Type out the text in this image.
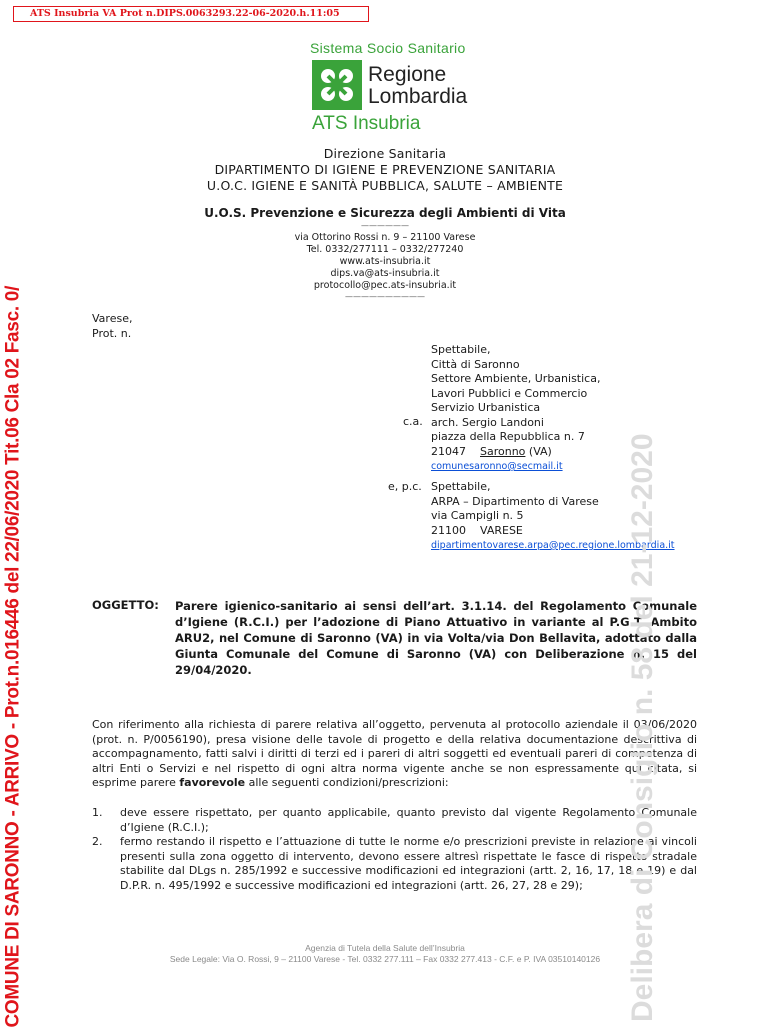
ATS Insubria VA Prot n.DIPS.0063293.22-06-2020.h.11:05
Sistema Socio Sanitario
Regione
Lombardia
ATS Insubria
Direzione Sanitaria
DIPARTIMENTO DI IGIENE E PREVENZIONE SANITARIA
U.O.C. IGIENE E SANITÀ PUBBLICA, SALUTE – AMBIENTE
U.O.S. Prevenzione e Sicurezza degli Ambienti di Vita
——————
via Ottorino Rossi n. 9 – 21100 Varese
Tel. 0332/277111 – 0332/277240
www.ats-insubria.it
dips.va@ats-insubria.it
protocollo@pec.ats-insubria.it
——————————
Varese,
Prot. n.
Spettabile,
Città di Saronno
Settore Ambiente, Urbanistica,
Lavori Pubblici e Commercio
Servizio Urbanistica
arch. Sergio Landoni
piazza della Repubblica n. 7
21047 Saronno (VA)
comunesaronno@secmail.it
c.a.
e, p.c. Spettabile,
ARPA – Dipartimento di Varese
via Campigli n. 5
21100 VARESE
dipartimentovarese.arpa@pec.regione.lombardia.it
OGGETTO: Parere igienico-sanitario ai sensi dell’art. 3.1.14. del Regolamento Comunale d’Igiene (R.C.I.) per l’adozione di Piano Attuativo in variante al P.G.T. Ambito ARU2, nel Comune di Saronno (VA) in via Volta/via Don Bellavita, adottato dalla Giunta Comunale del Comune di Saronno (VA) con Deliberazione n. 15 del 29/04/2020.
Con riferimento alla richiesta di parere relativa all’oggetto, pervenuta al protocollo aziendale il 03/06/2020 (prot. n. P/0056190), presa visione delle tavole di progetto e della relativa documentazione descrittiva di accompagnamento, fatti salvi i diritti di terzi ed i pareri di altri soggetti ed eventuali pareri di competenza di altri Enti o Servizi e nel rispetto di ogni altra norma vigente anche se non espressamente qui citata, si esprime parere favorevole alle seguenti condizioni/prescrizioni:
1. deve essere rispettato, per quanto applicabile, quanto previsto dal vigente Regolamento Comunale d’Igiene (R.C.I.);
2. fermo restando il rispetto e l’attuazione di tutte le norme e/o prescrizioni previste in relazione ai vincoli presenti sulla zona oggetto di intervento, devono essere altresì rispettate le fasce di rispetto stradale stabilite dal DLgs n. 285/1992 e successive modificazioni ed integrazioni (artt. 2, 16, 17, 18 e 19) e dal D.P.R. n. 495/1992 e successive modificazioni ed integrazioni (artt. 26, 27, 28 e 29);
Agenzia di Tutela della Salute dell’Insubria
Sede Legale: Via O. Rossi, 9 – 21100 Varese - Tel. 0332 277.111 – Fax 0332 277.413 - C.F. e P. IVA 03510140126
COMUNE DI SARONNO - ARRIVO - Prot.n.016446 del 22/06/2020 Tit.06 Cla 02 Fasc. 0/	Delibera di Consiglio n. 58 del 21-12-2020
